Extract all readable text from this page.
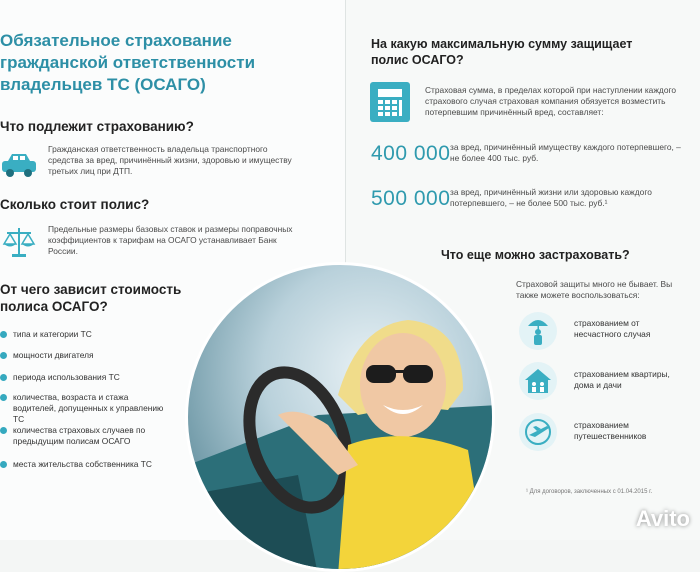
Обязательное страхование гражданской ответственности владельцев ТС (ОСАГО)
Что подлежит страхованию?
Гражданская ответственность владельца транспортного средства за вред, причинённый жизни, здоровью и имуществу третьих лиц при ДТП.
Сколько стоит полис?
Предельные размеры базовых ставок и размеры поправочных коэффициентов к тарифам на ОСАГО устанавливает Банк России.
От чего зависит стоимость полиса ОСАГО?
типа и категории ТС
мощности двигателя
периода использования ТС
количества, возраста и стажа водителей, допущенных к управлению ТС
количества страховых случаев по предыдущим полисам ОСАГО
места жительства собственника ТС
На какую максимальную сумму защищает полис ОСАГО?
Страховая сумма, в пределах которой при наступлении каждого страхового случая страховая компания обязуется возместить потерпевшим причинённый вред, составляет:
400 000 за вред, причинённый имуществу каждого потерпевшего, – не более 400 тыс. руб.
500 000 за вред, причинённый жизни или здоровью каждого потерпевшего, – не более 500 тыс. руб.¹
Что еще можно застраховать?
Страховой защиты много не бывает. Вы также можете воспользоваться:
страхованием от несчастного случая
страхованием квартиры, дома и дачи
страхованием путешественников
¹ Для договоров, заключенных с 01.04.2015 г.
Avito
